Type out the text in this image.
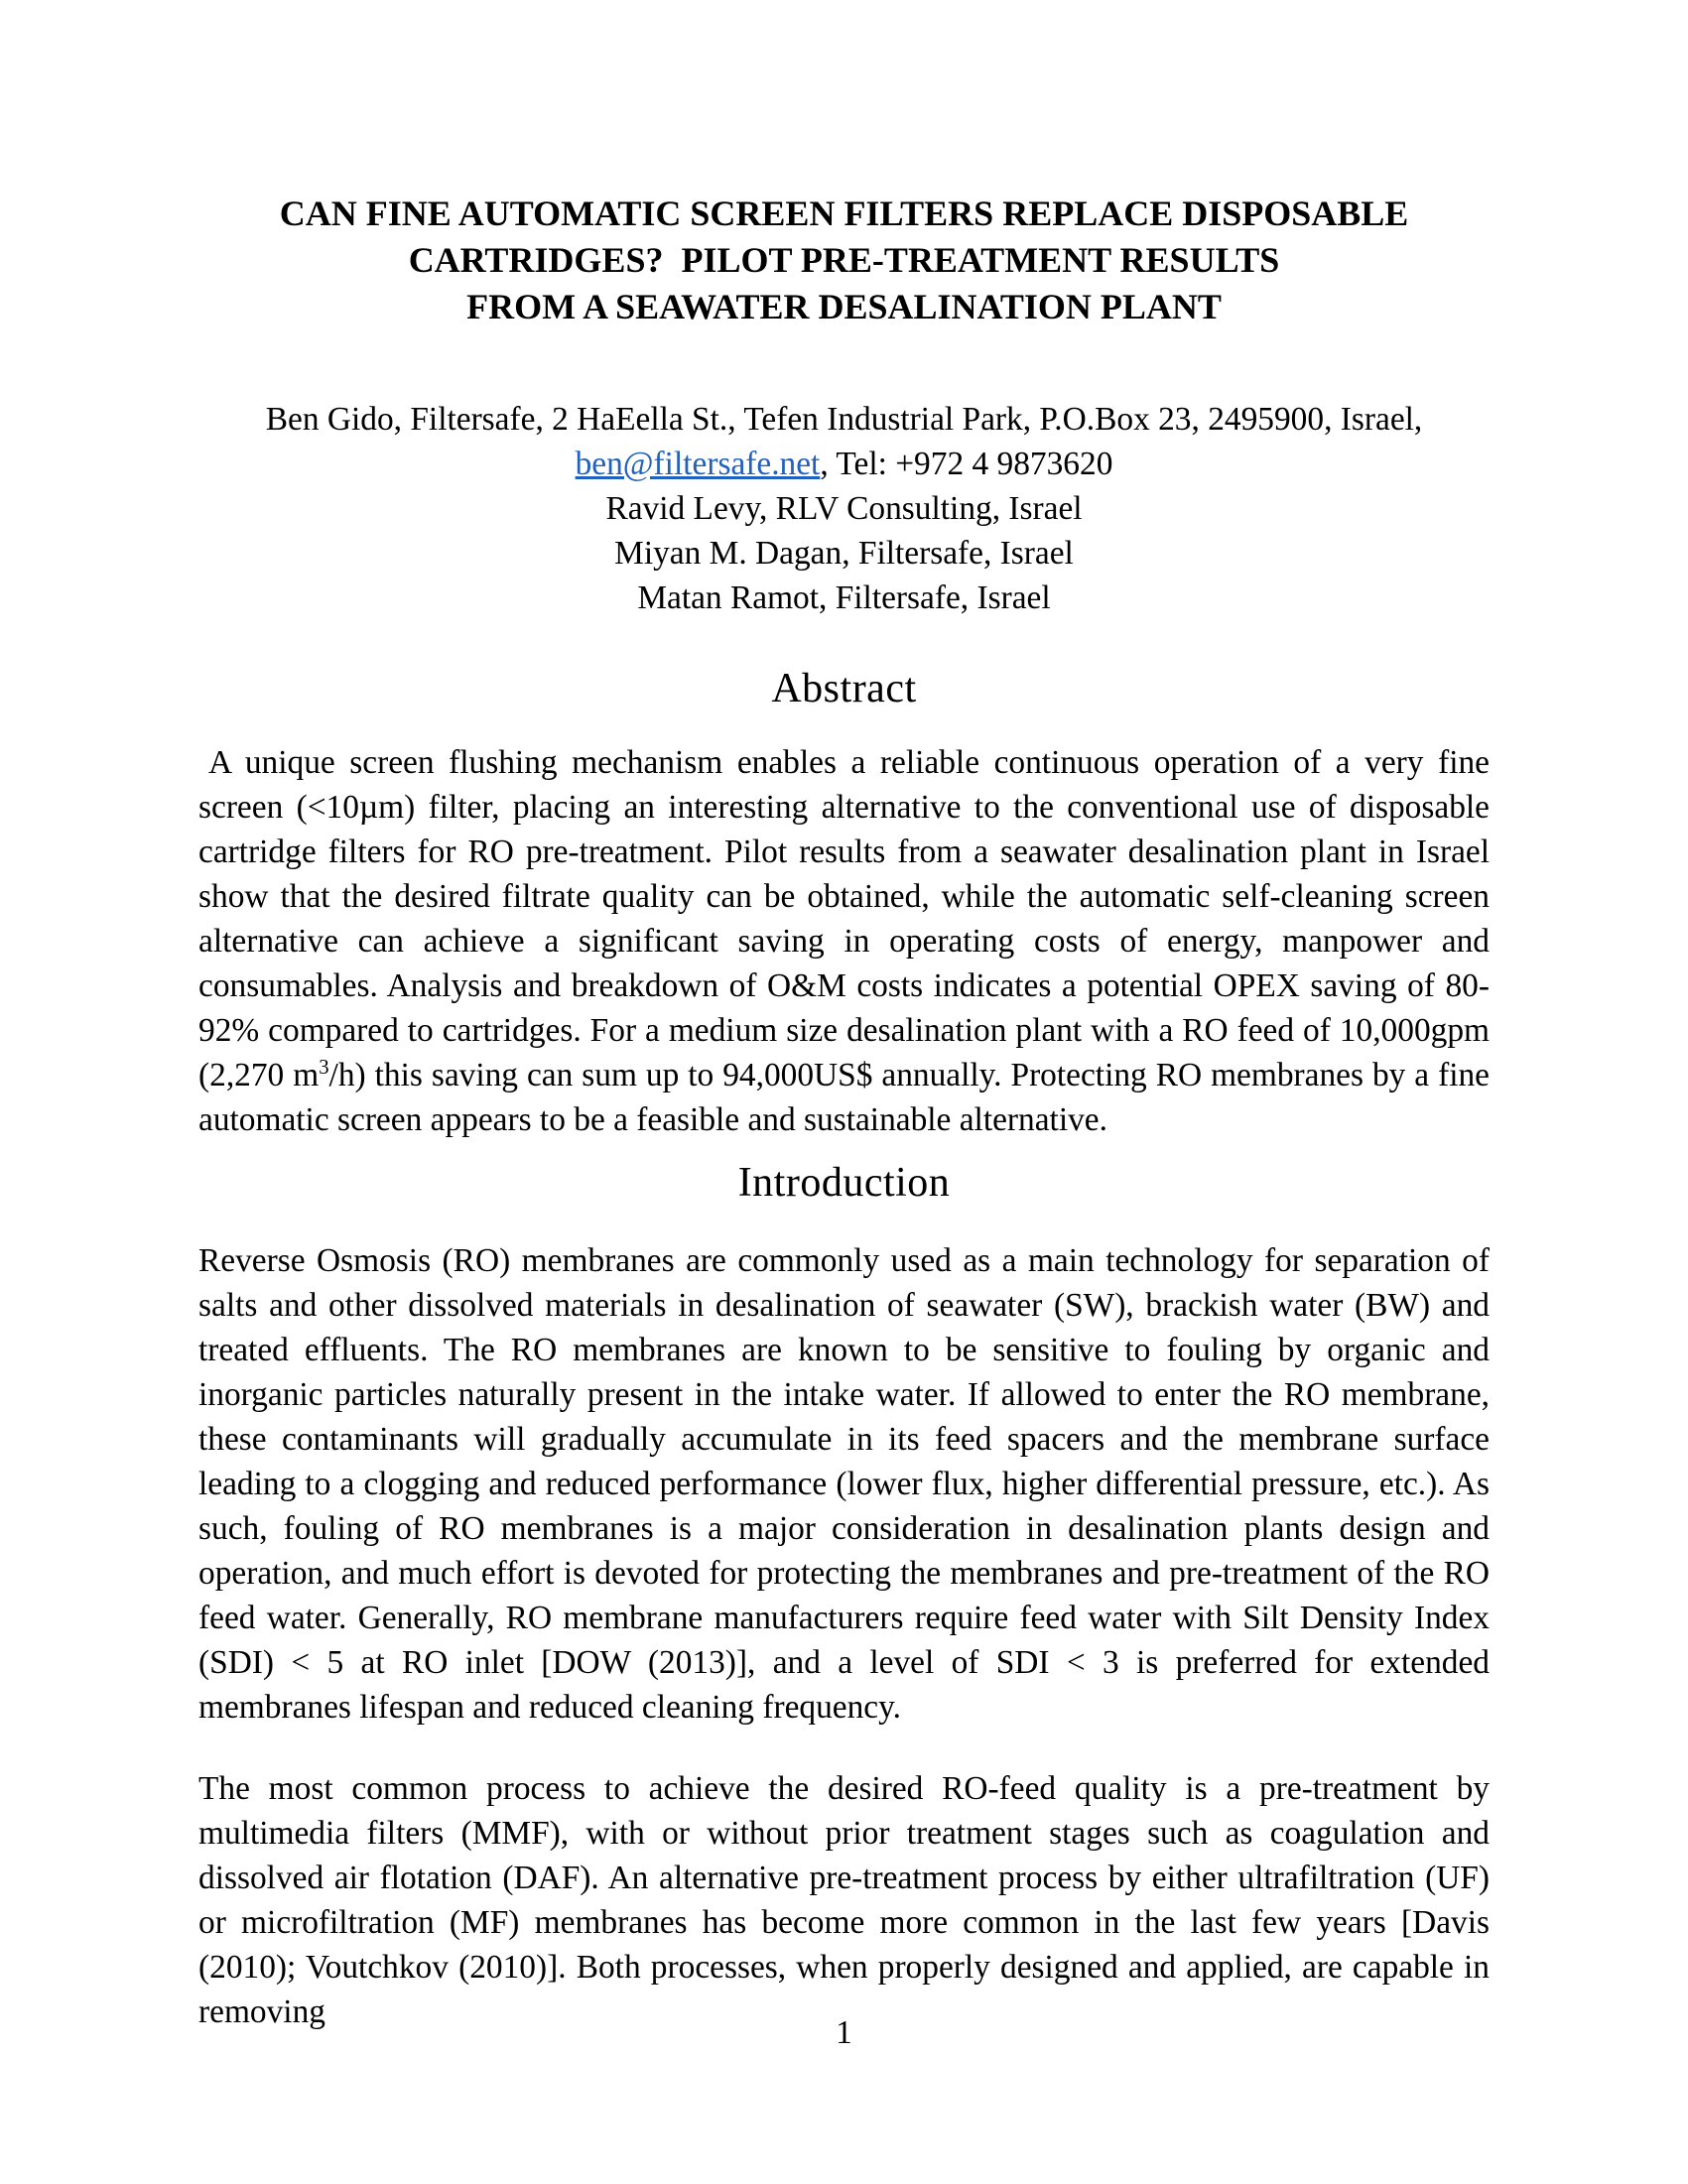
CAN FINE AUTOMATIC SCREEN FILTERS REPLACE DISPOSABLE
CARTRIDGES?  PILOT PRE-TREATMENT RESULTS
FROM A SEAWATER DESALINATION PLANT
Ben Gido, Filtersafe, 2 HaEella St., Tefen Industrial Park, P.O.Box 23, 2495900, Israel,
ben@filtersafe.net, Tel: +972 4 9873620
Ravid Levy, RLV Consulting, Israel
Miyan M. Dagan, Filtersafe, Israel
Matan Ramot, Filtersafe, Israel
Abstract

A unique screen flushing mechanism enables a reliable continuous operation of a very fine screen (<10µm) filter, placing an interesting alternative to the conventional use of disposable cartridge filters for RO pre-treatment. Pilot results from a seawater desalination plant in Israel show that the desired filtrate quality can be obtained, while the automatic self-cleaning screen alternative can achieve a significant saving in operating costs of energy, manpower and consumables. Analysis and breakdown of O&M costs indicates a potential OPEX saving of 80-92% compared to cartridges. For a medium size desalination plant with a RO feed of 10,000gpm (2,270 $m^3/h$) this saving can sum up to 94,000US$ annually. Protecting RO membranes by a fine automatic screen appears to be a feasible and sustainable alternative.

Introduction

Reverse Osmosis (RO) membranes are commonly used as a main technology for separation of salts and other dissolved materials in desalination of seawater (SW), brackish water (BW) and treated effluents. The RO membranes are known to be sensitive to fouling by organic and inorganic particles naturally present in the intake water. If allowed to enter the RO membrane, these contaminants will gradually accumulate in its feed spacers and the membrane surface leading to a clogging and reduced performance (lower flux, higher differential pressure, etc.). As such, fouling of RO membranes is a major consideration in desalination plants design and operation, and much effort is devoted for protecting the membranes and pre-treatment of the RO feed water. Generally, RO membrane manufacturers require feed water with Silt Density Index (SDI) < 5 at RO inlet [DOW (2013)], and a level of SDI < 3 is preferred for extended membranes lifespan and reduced cleaning frequency.

The most common process to achieve the desired RO-feed quality is a pre-treatment by multimedia filters (MMF), with or without prior treatment stages such as coagulation and dissolved air flotation (DAF). An alternative pre-treatment process by either ultrafiltration (UF) or microfiltration (MF) membranes has become more common in the last few years [Davis (2010); Voutchkov (2010)]. Both processes, when properly designed and applied, are capable in removing

1
